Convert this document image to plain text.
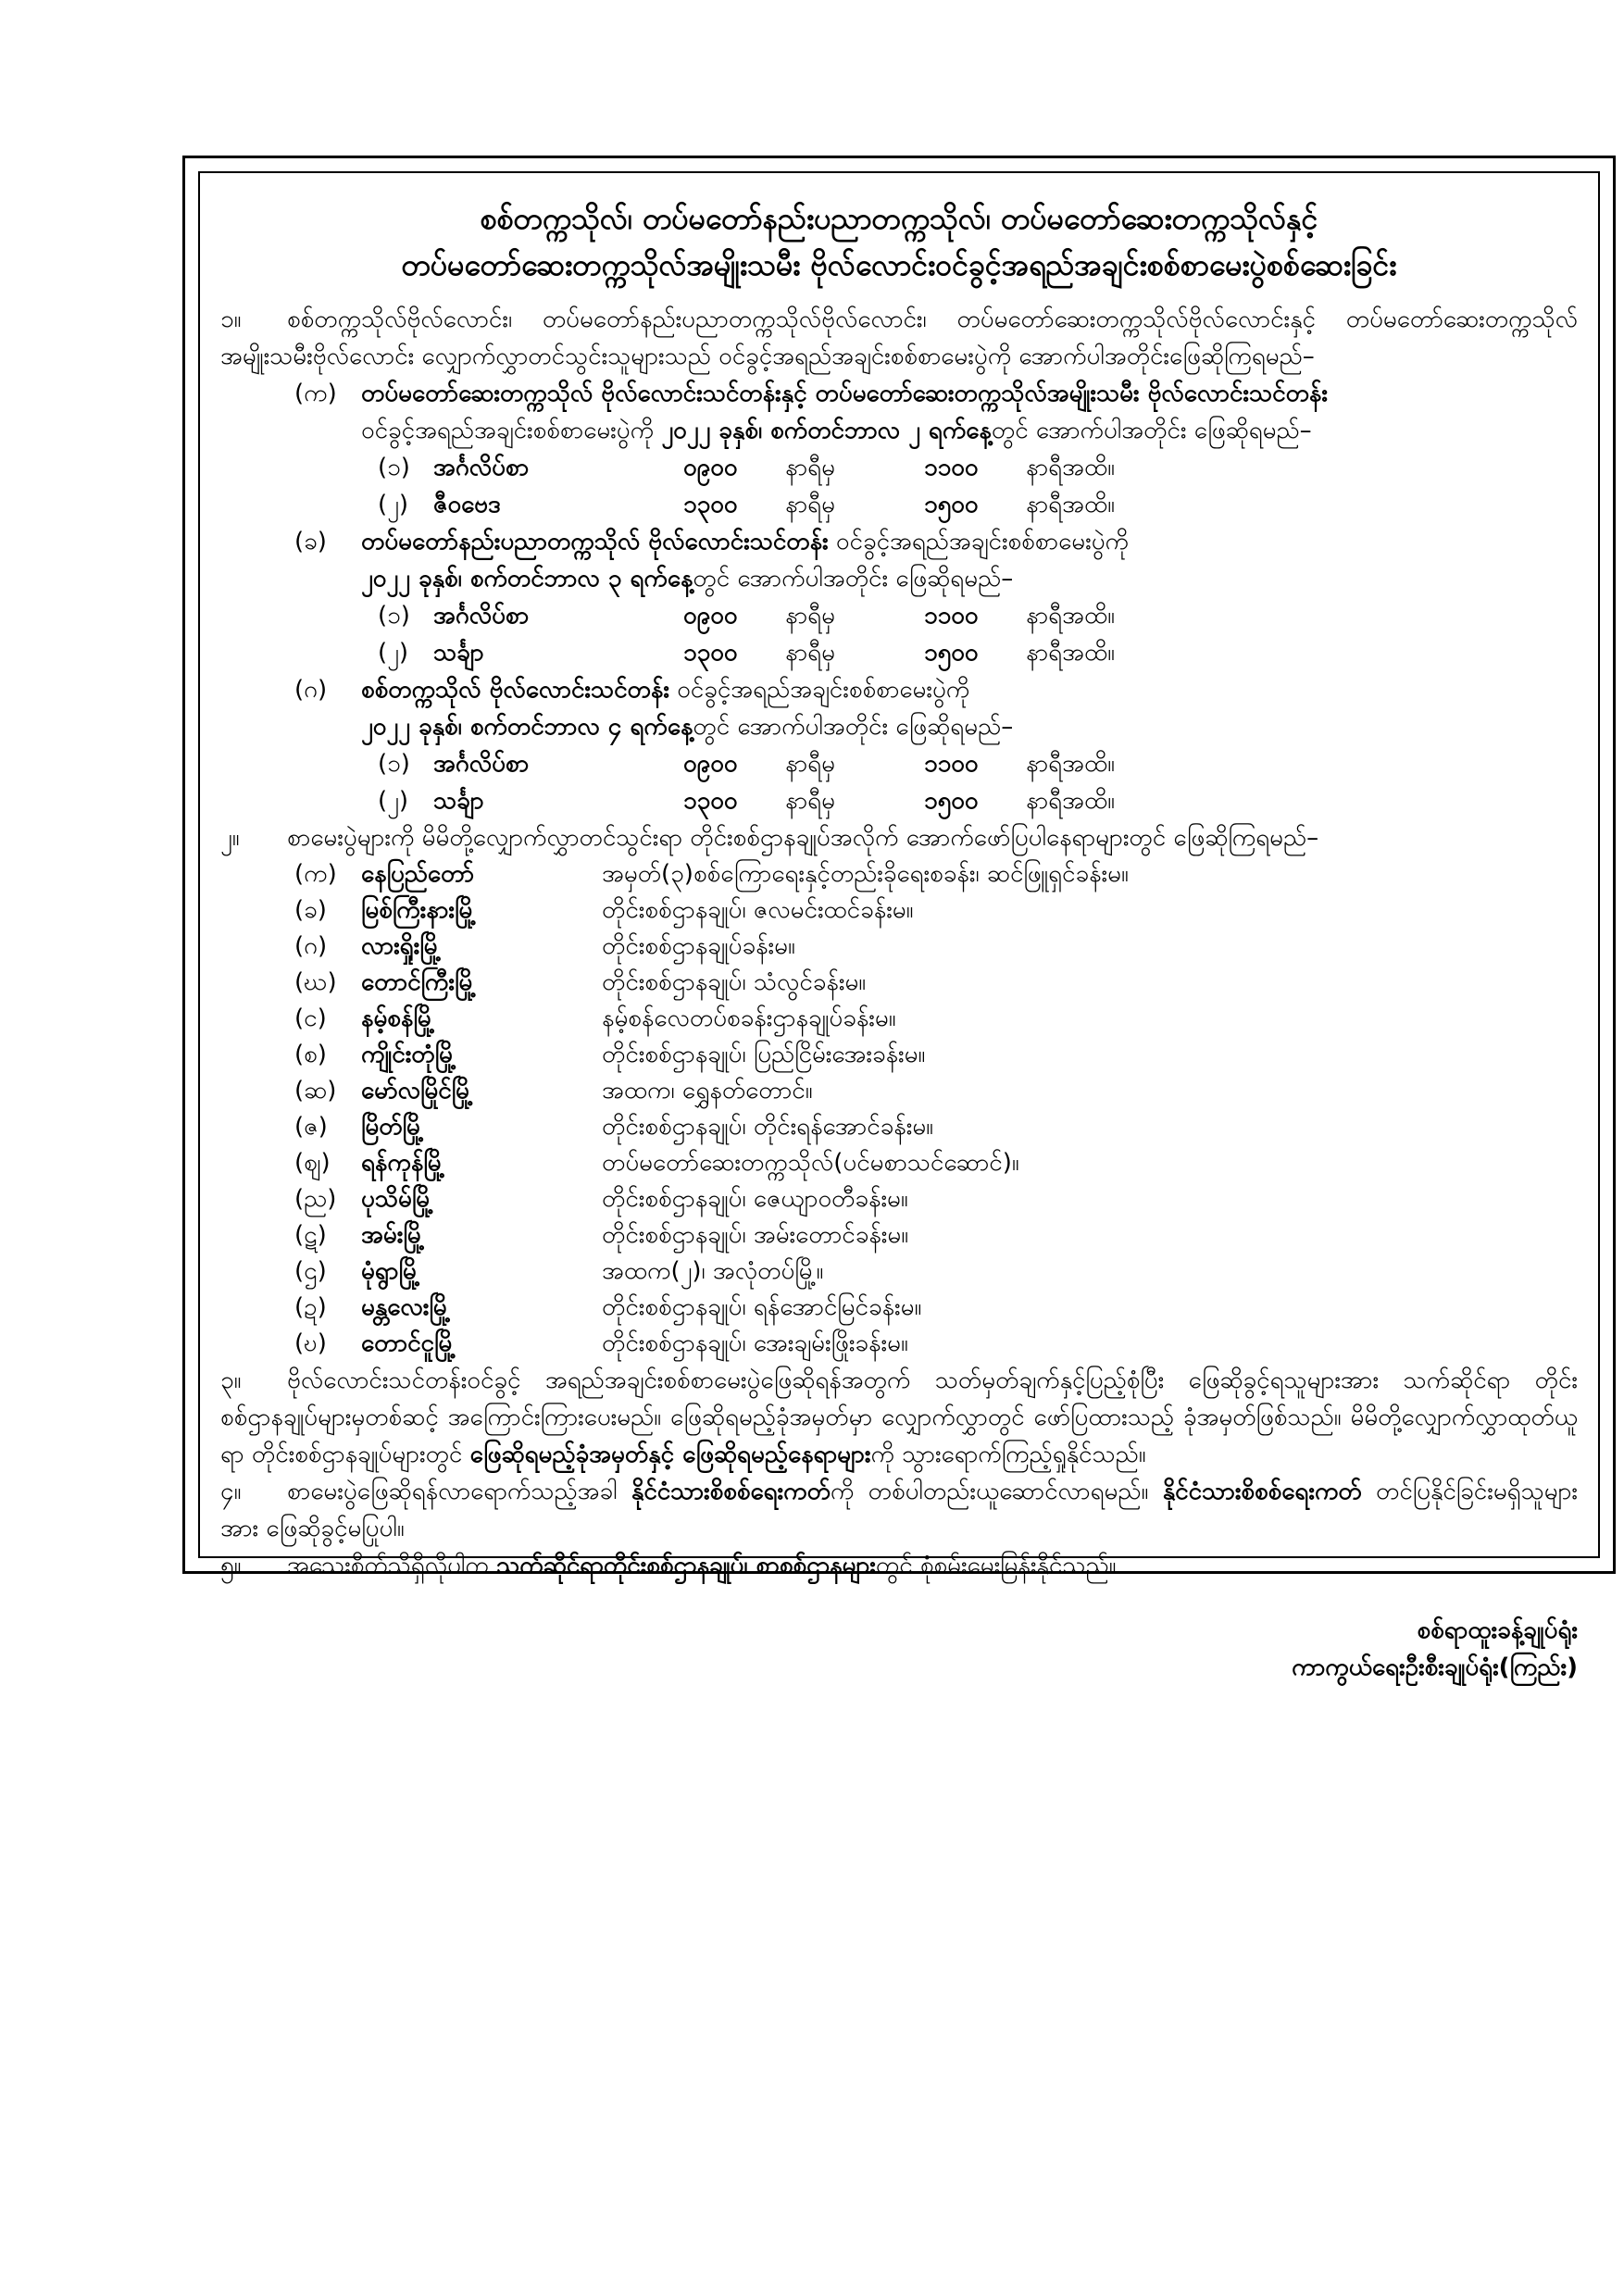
စစ်တက္ကသိုလ်၊ တပ်မတော်နည်းပညာတက္ကသိုလ်၊ တပ်မတော်ဆေးတက္ကသိုလ်နှင့်
တပ်မတော်ဆေးတက္ကသိုလ်အမျိုးသမီး ဗိုလ်လောင်းဝင်ခွင့်အရည်အချင်းစစ်စာမေးပွဲစစ်ဆေးခြင်း
၁။ စစ်တက္ကသိုလ်ဗိုလ်လောင်း၊ တပ်မတော်နည်းပညာတက္ကသိုလ်ဗိုလ်လောင်း၊ တပ်မတော်ဆေးတက္ကသိုလ်ဗိုလ်လောင်းနှင့် တပ်မတော်ဆေးတက္ကသိုလ်အမျိုးသမီးဗိုလ်လောင်း လျှောက်လွှာတင်သွင်းသူများသည် ဝင်ခွင့်အရည်အချင်းစစ်စာမေးပွဲကို အောက်ပါအတိုင်းဖြေဆိုကြရမည်–
(က) တပ်မတော်ဆေးတက္ကသိုလ် ဗိုလ်လောင်းသင်တန်းနှင့် တပ်မတော်ဆေးတက္ကသိုလ်အမျိုးသမီး ဗိုလ်လောင်းသင်တန်း
ဝင်ခွင့်အရည်အချင်းစစ်စာမေးပွဲကို ၂၀၂၂ ခုနှစ်၊ စက်တင်ဘာလ ၂ ရက်နေ့တွင် အောက်ပါအတိုင်း ဖြေဆိုရမည်–
(၁) အင်္ဂလိပ်စာ	၀၉၀၀ နာရီမှ	၁၁၀၀ နာရီအထိ။
(၂) ဇီဝဗေဒ	၁၃၀၀ နာရီမှ	၁၅၀၀ နာရီအထိ။
(ခ) တပ်မတော်နည်းပညာတက္ကသိုလ် ဗိုလ်လောင်းသင်တန်း ဝင်ခွင့်အရည်အချင်းစစ်စာမေးပွဲကို
၂၀၂၂ ခုနှစ်၊ စက်တင်ဘာလ ၃ ရက်နေ့တွင် အောက်ပါအတိုင်း ဖြေဆိုရမည်–
(၁) အင်္ဂလိပ်စာ	၀၉၀၀ နာရီမှ	၁၁၀၀ နာရီအထိ။
(၂) သင်္ချာ	၁၃၀၀ နာရီမှ	၁၅၀၀ နာရီအထိ။
(ဂ) စစ်တက္ကသိုလ် ဗိုလ်လောင်းသင်တန်း ဝင်ခွင့်အရည်အချင်းစစ်စာမေးပွဲကို
၂၀၂၂ ခုနှစ်၊ စက်တင်ဘာလ ၄ ရက်နေ့တွင် အောက်ပါအတိုင်း ဖြေဆိုရမည်–
(၁) အင်္ဂလိပ်စာ	၀၉၀၀ နာရီမှ	၁၁၀၀ နာရီအထိ။
(၂) သင်္ချာ	၁၃၀၀ နာရီမှ	၁၅၀၀ နာရီအထိ။
၂။ စာမေးပွဲများကို မိမိတို့လျှောက်လွှာတင်သွင်းရာ တိုင်းစစ်ဌာနချုပ်အလိုက် အောက်ဖော်ပြပါနေရာများတွင် ဖြေဆိုကြရမည်–
(က) နေပြည်တော်	အမှတ်(၃)စစ်ကြောရေးနှင့်တည်းခိုရေးစခန်း၊ ဆင်ဖြူရှင်ခန်းမ။
(ခ) မြစ်ကြီးနားမြို့	တိုင်းစစ်ဌာနချုပ်၊ ဇလမင်းထင်ခန်းမ။
(ဂ) လားရှိုးမြို့	တိုင်းစစ်ဌာနချုပ်ခန်းမ။
(ဃ) တောင်ကြီးမြို့	တိုင်းစစ်ဌာနချုပ်၊ သံလွင်ခန်းမ။
(င) နမ့်စန်မြို့	နမ့်စန်လေတပ်စခန်းဌာနချုပ်ခန်းမ။
(စ) ကျိုင်းတုံမြို့	တိုင်းစစ်ဌာနချုပ်၊ ပြည်ငြိမ်းအေးခန်းမ။
(ဆ) မော်လမြိုင်မြို့	အထက၊ ရွှေနတ်တောင်။
(ဇ) မြိတ်မြို့	တိုင်းစစ်ဌာနချုပ်၊ တိုင်းရန်အောင်ခန်းမ။
(ဈ) ရန်ကုန်မြို့	တပ်မတော်ဆေးတက္ကသိုလ်(ပင်မစာသင်ဆောင်)။
(ည) ပုသိမ်မြို့	တိုင်းစစ်ဌာနချုပ်၊ ဇေယျာဝတီခန်းမ။
(ဋ) အမ်းမြို့	တိုင်းစစ်ဌာနချုပ်၊ အမ်းတောင်ခန်းမ။
(ဌ) မုံရွာမြို့	အထက(၂)၊ အလုံတပ်မြို့။
(ဍ) မန္တလေးမြို့	တိုင်းစစ်ဌာနချုပ်၊ ရန်အောင်မြင်ခန်းမ။
(ဎ) တောင်ငူမြို့	တိုင်းစစ်ဌာနချုပ်၊ အေးချမ်းဖြိုးခန်းမ။
၃။ ဗိုလ်လောင်းသင်တန်းဝင်ခွင့် အရည်အချင်းစစ်စာမေးပွဲဖြေဆိုရန်အတွက် သတ်မှတ်ချက်နှင့်ပြည့်စုံပြီး ဖြေဆိုခွင့်ရသူများအား သက်ဆိုင်ရာ တိုင်းစစ်ဌာနချုပ်များမှတစ်ဆင့် အကြောင်းကြားပေးမည်။ ဖြေဆိုရမည့်ခုံအမှတ်မှာ လျှောက်လွှာတွင် ဖော်ပြထားသည့် ခုံအမှတ်ဖြစ်သည်။ မိမိတို့လျှောက်လွှာထုတ်ယူရာ တိုင်းစစ်ဌာနချုပ်များတွင် ဖြေဆိုရမည့်ခုံအမှတ်နှင့် ဖြေဆိုရမည့်နေရာများကို သွားရောက်ကြည့်ရှုနိုင်သည်။
၄။ စာမေးပွဲဖြေဆိုရန်လာရောက်သည့်အခါ နိုင်ငံသားစိစစ်ရေးကတ်ကို တစ်ပါတည်းယူဆောင်လာရမည်။ နိုင်ငံသားစိစစ်ရေးကတ် တင်ပြနိုင်ခြင်းမရှိသူများအား ဖြေဆိုခွင့်မပြုပါ။
၅။ အသေးစိတ်သိရှိလိုပါက သက်ဆိုင်ရာတိုင်းစစ်ဌာနချုပ်၊ စာစစ်ဌာနများတွင် စုံစမ်းမေးမြန်းနိုင်သည်။
စစ်ရာထူးခန့်ချုပ်ရုံး
ကာကွယ်ရေးဦးစီးချုပ်ရုံး(ကြည်း)
